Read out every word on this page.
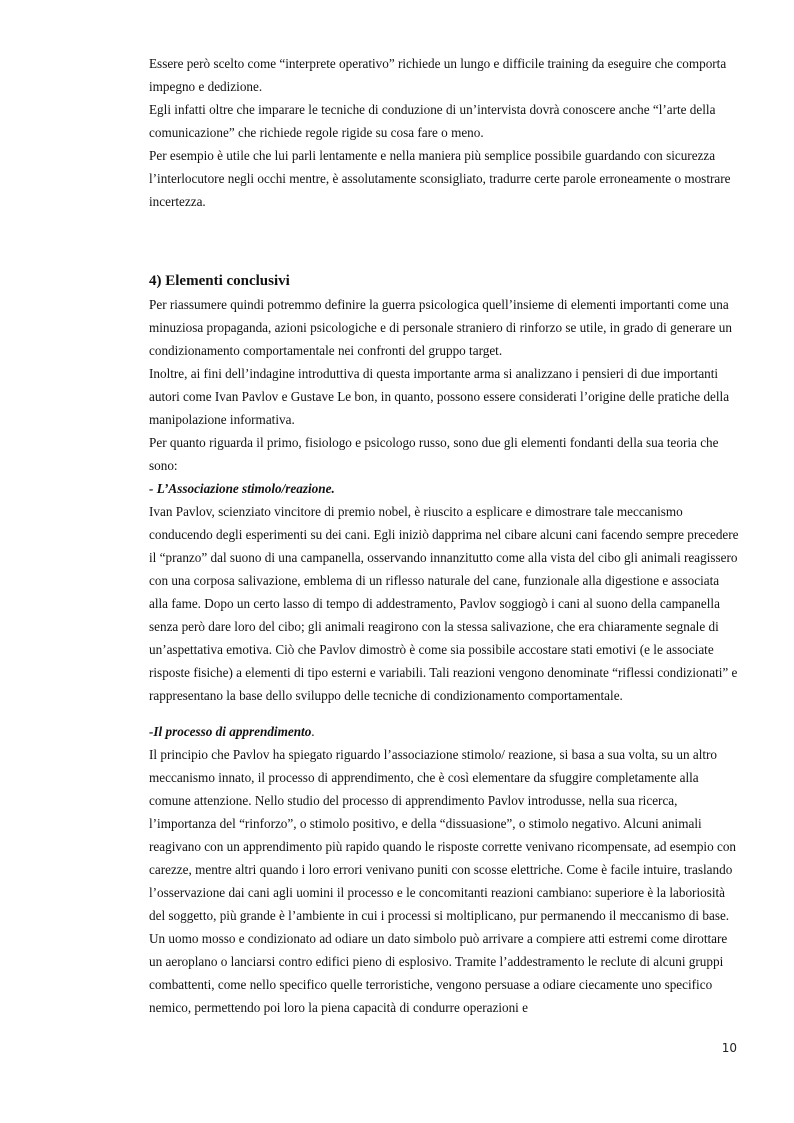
Essere però scelto come “interprete operativo” richiede un lungo e difficile training da eseguire che comporta impegno e dedizione.

Egli infatti oltre che imparare le tecniche di conduzione di un’intervista dovrà conoscere anche “l’arte della comunicazione” che richiede regole rigide su cosa fare o meno.

Per esempio è utile che lui parli lentamente e nella maniera più semplice possibile guardando con sicurezza l’interlocutore negli occhi mentre, è assolutamente sconsigliato, tradurre certe parole erroneamente o mostrare incertezza.

4) Elementi conclusivi

Per riassumere quindi potremmo definire la guerra psicologica quell’insieme di elementi importanti come una minuziosa propaganda, azioni psicologiche e di personale straniero di rinforzo se utile, in grado di generare un condizionamento comportamentale nei confronti del gruppo target.

Inoltre, ai fini dell’indagine introduttiva di questa importante arma si analizzano i pensieri di due importanti autori come Ivan Pavlov e Gustave Le bon, in quanto, possono essere considerati l’origine delle pratiche della manipolazione informativa.

Per quanto riguarda il primo, fisiologo e psicologo russo, sono due gli elementi fondanti della sua teoria che sono:

- L’Associazione stimolo/reazione.

Ivan Pavlov, scienziato vincitore di premio nobel, è riuscito a esplicare e dimostrare tale meccanismo conducendo degli esperimenti su dei cani. Egli iniziò dapprima nel cibare alcuni cani facendo sempre precedere il “pranzo” dal suono di una campanella, osservando innanzitutto come alla vista del cibo gli animali reagissero con una corposa salivazione, emblema di un riflesso naturale del cane, funzionale alla digestione e associata alla fame. Dopo un certo lasso di tempo di addestramento, Pavlov soggiogò i cani al suono della campanella senza però dare loro del cibo; gli animali reagirono con la stessa salivazione, che era chiaramente segnale di un’aspettativa emotiva. Ciò che Pavlov dimostrò è come sia possibile accostare stati emotivi (e le associate risposte fisiche) a elementi di tipo esterni e variabili. Tali reazioni vengono denominate “riflessi condizionati” e rappresentano la base dello sviluppo delle tecniche di condizionamento comportamentale.

-Il processo di apprendimento.

Il principio che Pavlov ha spiegato riguardo l’associazione stimolo/ reazione, si basa a sua volta, su un altro meccanismo innato, il processo di apprendimento, che è così elementare da sfuggire completamente alla comune attenzione. Nello studio del processo di apprendimento Pavlov introdusse, nella sua ricerca, l’importanza del “rinforzo”, o stimolo positivo, e della “dissuasione”, o stimolo negativo. Alcuni animali reagivano con un apprendimento più rapido quando le risposte corrette venivano ricompensate, ad esempio con carezze, mentre altri quando i loro errori venivano puniti con scosse elettriche. Come è facile intuire, traslando l’osservazione dai cani agli uomini il processo e le concomitanti reazioni cambiano: superiore è la laboriosità del soggetto, più grande è l’ambiente in cui i processi si moltiplicano, pur permanendo il meccanismo di base. Un uomo mosso e condizionato ad odiare un dato simbolo può arrivare a compiere atti estremi come dirottare un aeroplano o lanciarsi contro edifici pieno di esplosivo. Tramite l’addestramento le reclute di alcuni gruppi combattenti, come nello specifico quelle terroristiche, vengono persuase a odiare ciecamente uno specifico nemico, permettendo poi loro la piena capacità di condurre operazioni e

10
